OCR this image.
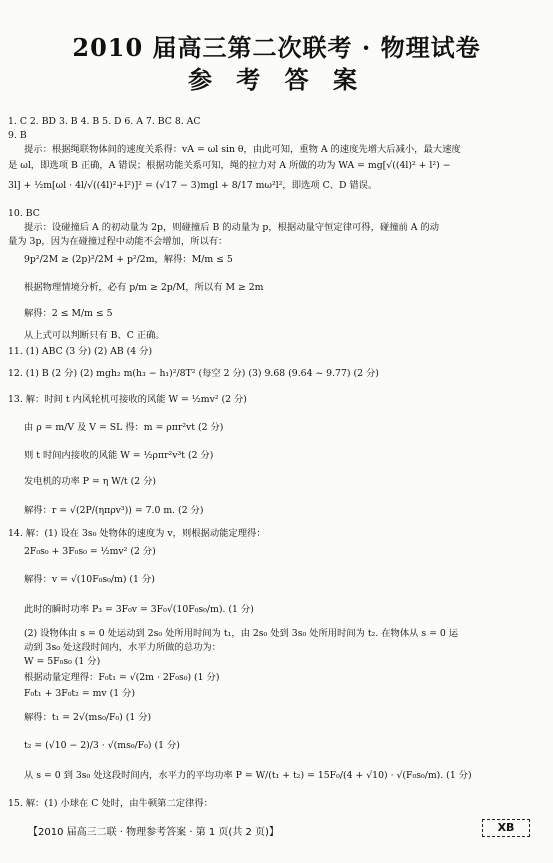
2010 届高三第二次联考 · 物理试卷
参 考 答 案
1. C 2. BD 3. B 4. B 5. D 6. A 7. BC 8. AC
9. B
提示：根据绳联物体间的速度关系得：vA = ωl sin θ，由此可知，重物 A 的速度先增大后减小，最大速度
是 ωl，即选项 B 正确，A 错误；根据功能关系可知，绳的拉力对 A 所做的功为 WA = mg[√((4l)² + l²) −
3l] + ½m[ωl · 4l/√((4l)²+l²)]² = (√17 − 3)mgl + 8/17 mω²l²，即选项 C、D 错误。
10. BC
提示：设碰撞后 A 的初动量为 2p，则碰撞后 B 的动量为 p，根据动量守恒定律可得，碰撞前 A 的动
量为 3p，因为在碰撞过程中动能不会增加，所以有：
9p²/2M ≥ (2p)²/2M + p²/2m，解得：M/m ≤ 5
根据物理情境分析，必有 p/m ≥ 2p/M，所以有 M ≥ 2m
解得：2 ≤ M/m ≤ 5
从上式可以判断只有 B、C 正确。
11. (1) ABC (3 分) (2) AB (4 分)
12. (1) B (2 分) (2) mgh₂ m(h₃ − h₁)²/8T² (每空 2 分) (3) 9.68 (9.64 ~ 9.77) (2 分)
13. 解：时间 t 内风轮机可接收的风能 W = ½mv² (2 分)
由 ρ = m/V 及 V = SL 得：m = ρπr²vt (2 分)
则 t 时间内接收的风能 W = ½ρπr²v³t (2 分)
发电机的功率 P = η W/t (2 分)
解得：r = √(2P/(ηπρv³)) = 7.0 m. (2 分)
14. 解：(1) 设在 3s₀ 处物体的速度为 v，则根据动能定理得：
2F₀s₀ + 3F₀s₀ = ½mv² (2 分)
解得：v = √(10F₀s₀/m) (1 分)
此时的瞬时功率 P₃ = 3F₀v = 3F₀√(10F₀s₀/m). (1 分)
(2) 设物体由 s = 0 处运动到 2s₀ 处所用时间为 t₁，由 2s₀ 处到 3s₀ 处所用时间为 t₂. 在物体从 s = 0 运
动到 3s₀ 处这段时间内，水平力所做的总功为：
W = 5F₀s₀ (1 分)
根据动量定理得：F₀t₁ = √(2m · 2F₀s₀) (1 分)
F₀t₁ + 3F₀t₂ = mv (1 分)
解得：t₁ = 2√(ms₀/F₀) (1 分)
t₂ = (√10 − 2)/3 · √(ms₀/F₀) (1 分)
从 s = 0 到 3s₀ 处这段时间内，水平力的平均功率 P = W/(t₁ + t₂) = 15F₀/(4 + √10) · √(F₀s₀/m). (1 分)
15. 解：(1) 小球在 C 处时，由牛顿第二定律得：
【2010 届高三二联 · 物理参考答案 · 第 1 页(共 2 页)】	XB
